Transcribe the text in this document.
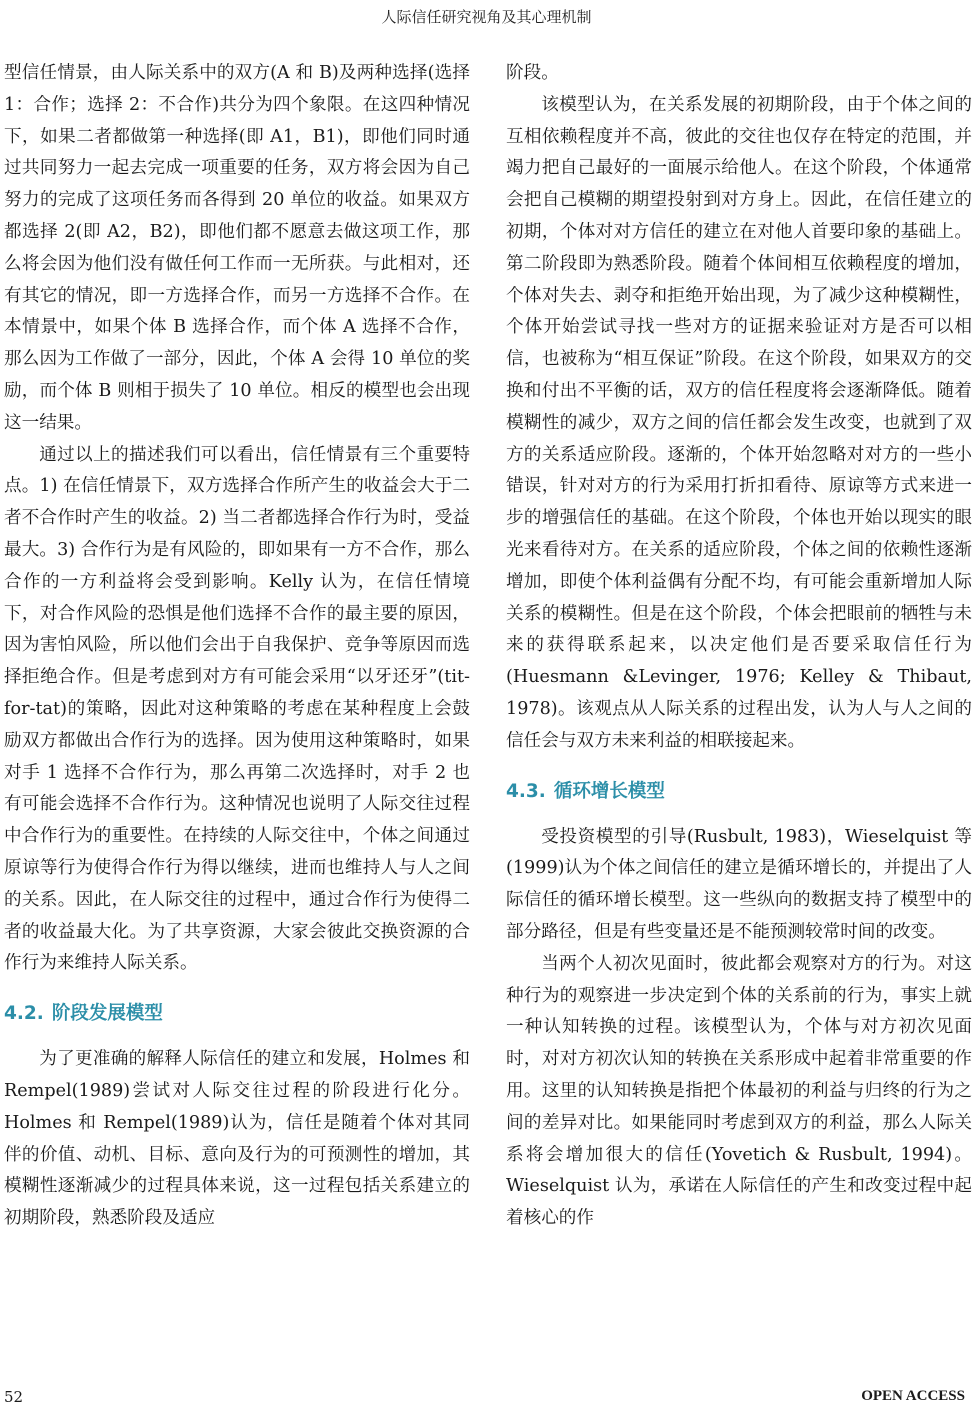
人际信任研究视角及其心理机制

型信任情景，由人际关系中的双方(A 和 B)及两种选择(选择 1：合作；选择 2：不合作)共分为四个象限。在这四种情况下，如果二者都做第一种选择(即 A1，B1)，即他们同时通过共同努力一起去完成一项重要的任务，双方将会因为自己努力的完成了这项任务而各得到 20 单位的收益。如果双方都选择 2(即 A2，B2)，即他们都不愿意去做这项工作，那么将会因为他们没有做任何工作而一无所获。与此相对，还有其它的情况，即一方选择合作，而另一方选择不合作。在本情景中，如果个体 B 选择合作，而个体 A 选择不合作，那么因为工作做了一部分，因此，个体 A 会得 10 单位的奖励，而个体 B 则相于损失了 10 单位。相反的模型也会出现这一结果。

通过以上的描述我们可以看出，信任情景有三个重要特点。1) 在信任情景下，双方选择合作所产生的收益会大于二者不合作时产生的收益。2) 当二者都选择合作行为时，受益最大。3) 合作行为是有风险的，即如果有一方不合作，那么合作的一方利益将会受到影响。Kelly 认为，在信任情境下，对合作风险的恐惧是他们选择不合作的最主要的原因，因为害怕风险，所以他们会出于自我保护、竞争等原因而选择拒绝合作。但是考虑到对方有可能会采用“以牙还牙”(tit-for-tat)的策略，因此对这种策略的考虑在某种程度上会鼓励双方都做出合作行为的选择。因为使用这种策略时，如果对手 1 选择不合作行为，那么再第二次选择时，对手 2 也有可能会选择不合作行为。这种情况也说明了人际交往过程中合作行为的重要性。在持续的人际交往中，个体之间通过原谅等行为使得合作行为得以继续，进而也维持人与人之间的关系。因此，在人际交往的过程中，通过合作行为使得二者的收益最大化。为了共享资源，大家会彼此交换资源的合作行为来维持人际关系。

4.2. 阶段发展模型

为了更准确的解释人际信任的建立和发展，Holmes 和 Rempel(1989)尝试对人际交往过程的阶段进行化分。Holmes 和 Rempel(1989)认为，信任是随着个体对其同伴的价值、动机、目标、意向及行为的可预测性的增加，其模糊性逐渐减少的过程具体来说，这一过程包括关系建立的初期阶段，熟悉阶段及适应

阶段。

该模型认为，在关系发展的初期阶段，由于个体之间的互相依赖程度并不高，彼此的交往也仅存在特定的范围，并竭力把自己最好的一面展示给他人。在这个阶段，个体通常会把自己模糊的期望投射到对方身上。因此，在信任建立的初期，个体对对方信任的建立在对他人首要印象的基础上。第二阶段即为熟悉阶段。随着个体间相互依赖程度的增加，个体对失去、剥夺和拒绝开始出现，为了减少这种模糊性，个体开始尝试寻找一些对方的证据来验证对方是否可以相信，也被称为“相互保证”阶段。在这个阶段，如果双方的交换和付出不平衡的话，双方的信任程度将会逐渐降低。随着模糊性的减少，双方之间的信任都会发生改变，也就到了双方的关系适应阶段。逐渐的，个体开始忽略对对方的一些小错误，针对对方的行为采用打折扣看待、原谅等方式来进一步的增强信任的基础。在这个阶段，个体也开始以现实的眼光来看待对方。在关系的适应阶段，个体之间的依赖性逐渐增加，即使个体利益偶有分配不均，有可能会重新增加人际关系的模糊性。但是在这个阶段，个体会把眼前的牺牲与未来的获得联系起来，以决定他们是否要采取信任行为(Huesmann &Levinger, 1976; Kelley & Thibaut, 1978)。该观点从人际关系的过程出发，认为人与人之间的信任会与双方未来利益的相联接起来。

4.3. 循环增长模型

受投资模型的引导(Rusbult, 1983)，Wieselquist 等(1999)认为个体之间信任的建立是循环增长的，并提出了人际信任的循环增长模型。这一些纵向的数据支持了模型中的部分路径，但是有些变量还是不能预测较常时间的改变。

当两个人初次见面时，彼此都会观察对方的行为。对这种行为的观察进一步决定到个体的关系前的行为，事实上就一种认知转换的过程。该模型认为，个体与对方初次见面时，对对方初次认知的转换在关系形成中起着非常重要的作用。这里的认知转换是指把个体最初的利益与归终的行为之间的差异对比。如果能同时考虑到双方的利益，那么人际关系将会增加很大的信任(Yovetich & Rusbult, 1994)。Wieselquist 认为，承诺在人际信任的产生和改变过程中起着核心的作

52	OPEN ACCESS
